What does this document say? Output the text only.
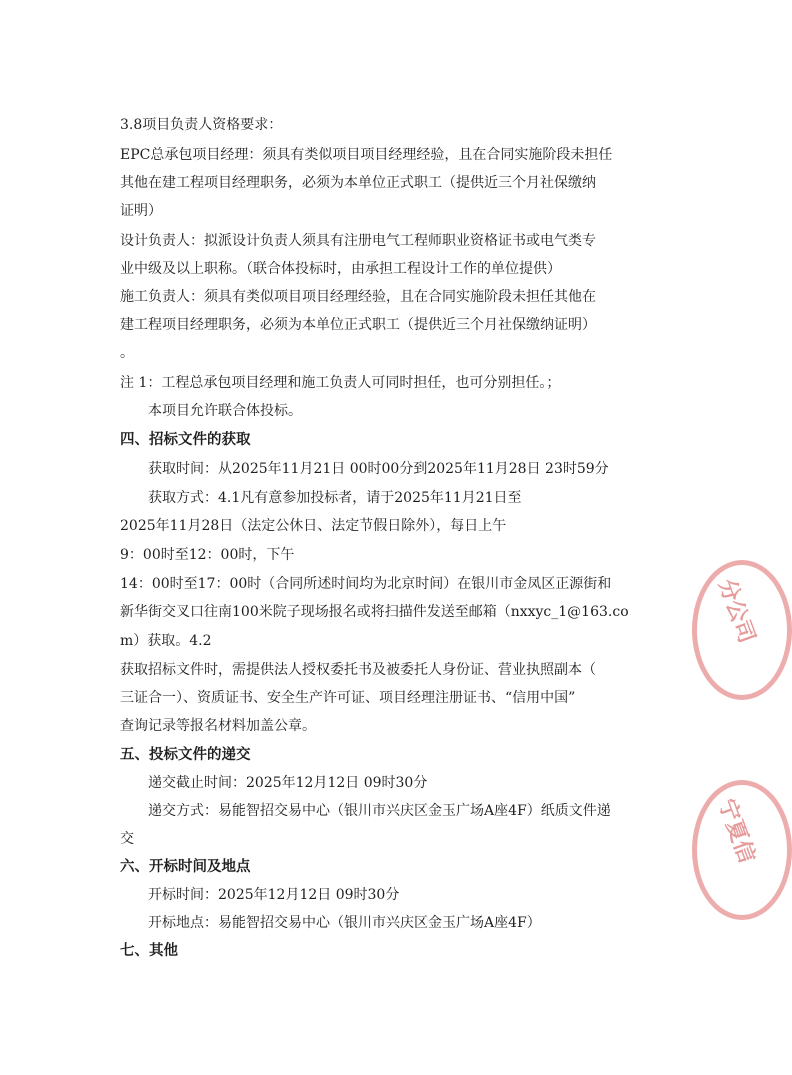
3.8项目负责人资格要求：
EPC总承包项目经理：须具有类似项目项目经理经验，且在合同实施阶段未担任
其他在建工程项目经理职务，必须为本单位正式职工（提供近三个月社保缴纳
证明）
设计负责人：拟派设计负责人须具有注册电气工程师职业资格证书或电气类专
业中级及以上职称。（联合体投标时，由承担工程设计工作的单位提供）
施工负责人：须具有类似项目项目经理经验，且在合同实施阶段未担任其他在
建工程项目经理职务，必须为本单位正式职工（提供近三个月社保缴纳证明）
。
注 1：工程总承包项目经理和施工负责人可同时担任，也可分别担任。；
本项目允许联合体投标。
四、招标文件的获取
获取时间：从2025年11月21日 00时00分到2025年11月28日 23时59分
获取方式：4.1凡有意参加投标者，请于2025年11月21日至
2025年11月28日（法定公休日、法定节假日除外），每日上午
9：00时至12：00时，下午
14：00时至17：00时（合同所述时间均为北京时间）在银川市金凤区正源街和
新华街交叉口往南100米院子现场报名或将扫描件发送至邮箱（nxxyc_1@163.co
m）获取。4.2
获取招标文件时，需提供法人授权委托书及被委托人身份证、营业执照副本（
三证合一）、资质证书、安全生产许可证、项目经理注册证书、“信用中国”
查询记录等报名材料加盖公章。
五、投标文件的递交
递交截止时间：2025年12月12日 09时30分
递交方式：易能智招交易中心（银川市兴庆区金玉广场A座4F）纸质文件递
交
六、开标时间及地点
开标时间：2025年12月12日 09时30分
开标地点：易能智招交易中心（银川市兴庆区金玉广场A座4F）
七、其他
分公司
宁夏信
